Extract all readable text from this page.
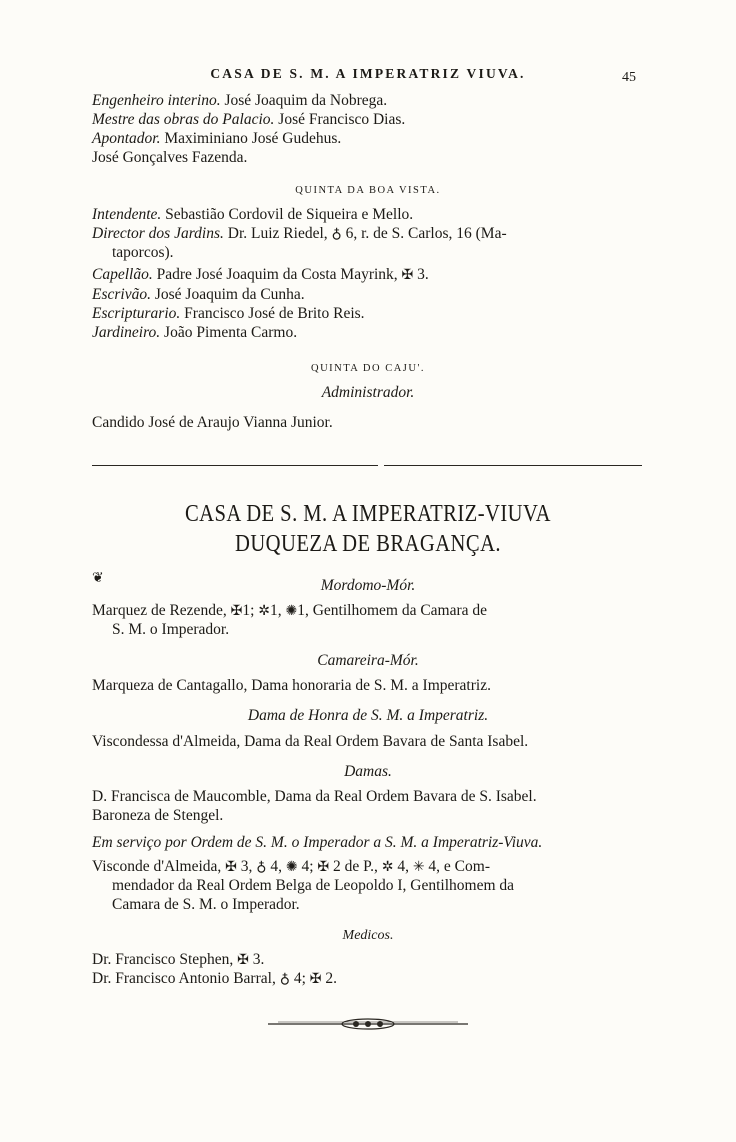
CASA DE S. M. A IMPERATRIZ VIUVA.	45
Engenheiro interino. José Joaquim da Nobrega.
Mestre das obras do Palacio. José Francisco Dias.
Apontador. Maximiniano José Gudehus.
José Gonçalves Fazenda.
QUINTA DA BOA VISTA.
Intendente. Sebastião Cordovil de Siqueira e Mello.
Director dos Jardins. Dr. Luiz Riedel, ♁ 6, r. de S. Carlos, 16 (Ma-
taporcos).
Capellão. Padre José Joaquim da Costa Mayrink, ✠ 3.
Escrivão. José Joaquim da Cunha.
Escripturario. Francisco José de Brito Reis.
Jardineiro. João Pimenta Carmo.
QUINTA DO CAJU'.
Administrador.
Candido José de Araujo Vianna Junior.
CASA DE S. M. A IMPERATRIZ-VIUVA
DUQUEZA DE BRAGANÇA.
❦	Mordomo-Mór.
Marquez de Rezende, ✠1; ✲1, ✺1, Gentilhomem da Camara de
S. M. o Imperador.
Camareira-Mór.
Marqueza de Cantagallo, Dama honoraria de S. M. a Imperatriz.
Dama de Honra de S. M. a Imperatriz.
Viscondessa d'Almeida, Dama da Real Ordem Bavara de Santa Isabel.
Damas.
D. Francisca de Maucomble, Dama da Real Ordem Bavara de S. Isabel.
Baroneza de Stengel.
Em serviço por Ordem de S. M. o Imperador a S. M. a Imperatriz-Viuva.
Visconde d'Almeida, ✠ 3, ♁ 4, ✺ 4; ✠ 2 de P., ✲ 4, ✳ 4, e Com-
mendador da Real Ordem Belga de Leopoldo I, Gentilhomem da
Camara de S. M. o Imperador.
Medicos.
Dr. Francisco Stephen, ✠ 3.
Dr. Francisco Antonio Barral, ♁ 4; ✠ 2.
